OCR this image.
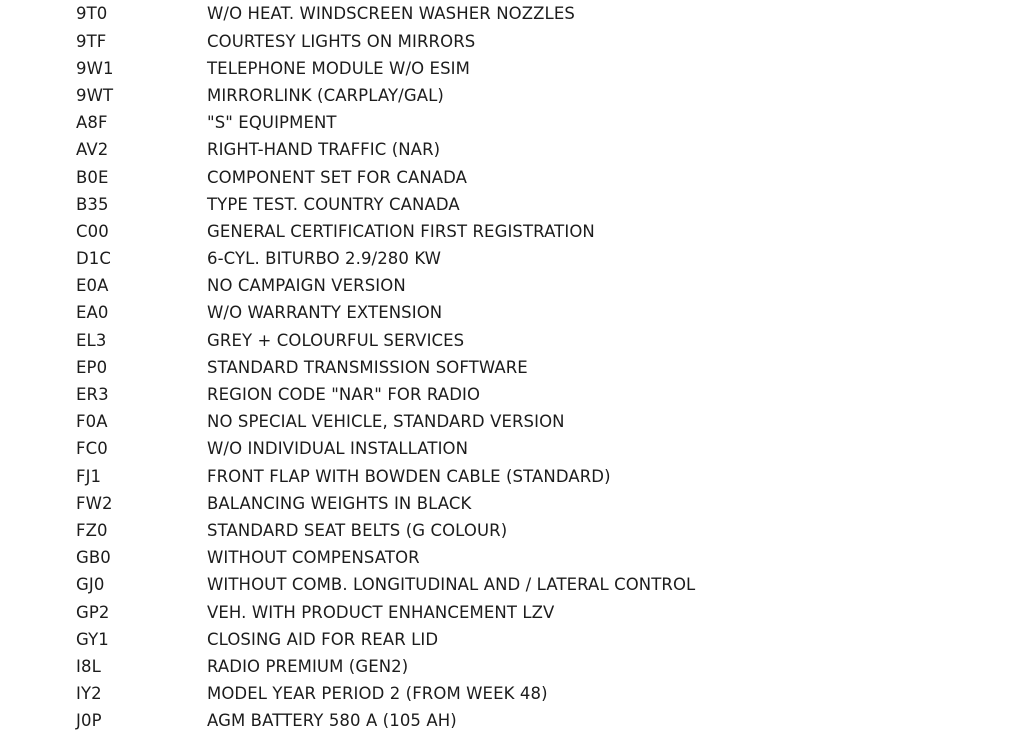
9T0	W/O HEAT. WINDSCREEN WASHER NOZZLES
9TF	COURTESY LIGHTS ON MIRRORS
9W1	TELEPHONE MODULE W/O ESIM
9WT	MIRRORLINK (CARPLAY/GAL)
A8F	"S" EQUIPMENT
AV2	RIGHT-HAND TRAFFIC (NAR)
B0E	COMPONENT SET FOR CANADA
B35	TYPE TEST. COUNTRY CANADA
C00	GENERAL CERTIFICATION FIRST REGISTRATION
D1C	6-CYL. BITURBO 2.9/280 KW
E0A	NO CAMPAIGN VERSION
EA0	W/O WARRANTY EXTENSION
EL3	GREY + COLOURFUL SERVICES
EP0	STANDARD TRANSMISSION SOFTWARE
ER3	REGION CODE "NAR" FOR RADIO
F0A	NO SPECIAL VEHICLE, STANDARD VERSION
FC0	W/O INDIVIDUAL INSTALLATION
FJ1	FRONT FLAP WITH BOWDEN CABLE (STANDARD)
FW2	BALANCING WEIGHTS IN BLACK
FZ0	STANDARD SEAT BELTS (G COLOUR)
GB0	WITHOUT COMPENSATOR
GJ0	WITHOUT COMB. LONGITUDINAL AND / LATERAL CONTROL
GP2	VEH. WITH PRODUCT ENHANCEMENT LZV
GY1	CLOSING AID FOR REAR LID
I8L	RADIO PREMIUM (GEN2)
IY2	MODEL YEAR PERIOD 2 (FROM WEEK 48)
J0P	AGM BATTERY 580 A (105 AH)
